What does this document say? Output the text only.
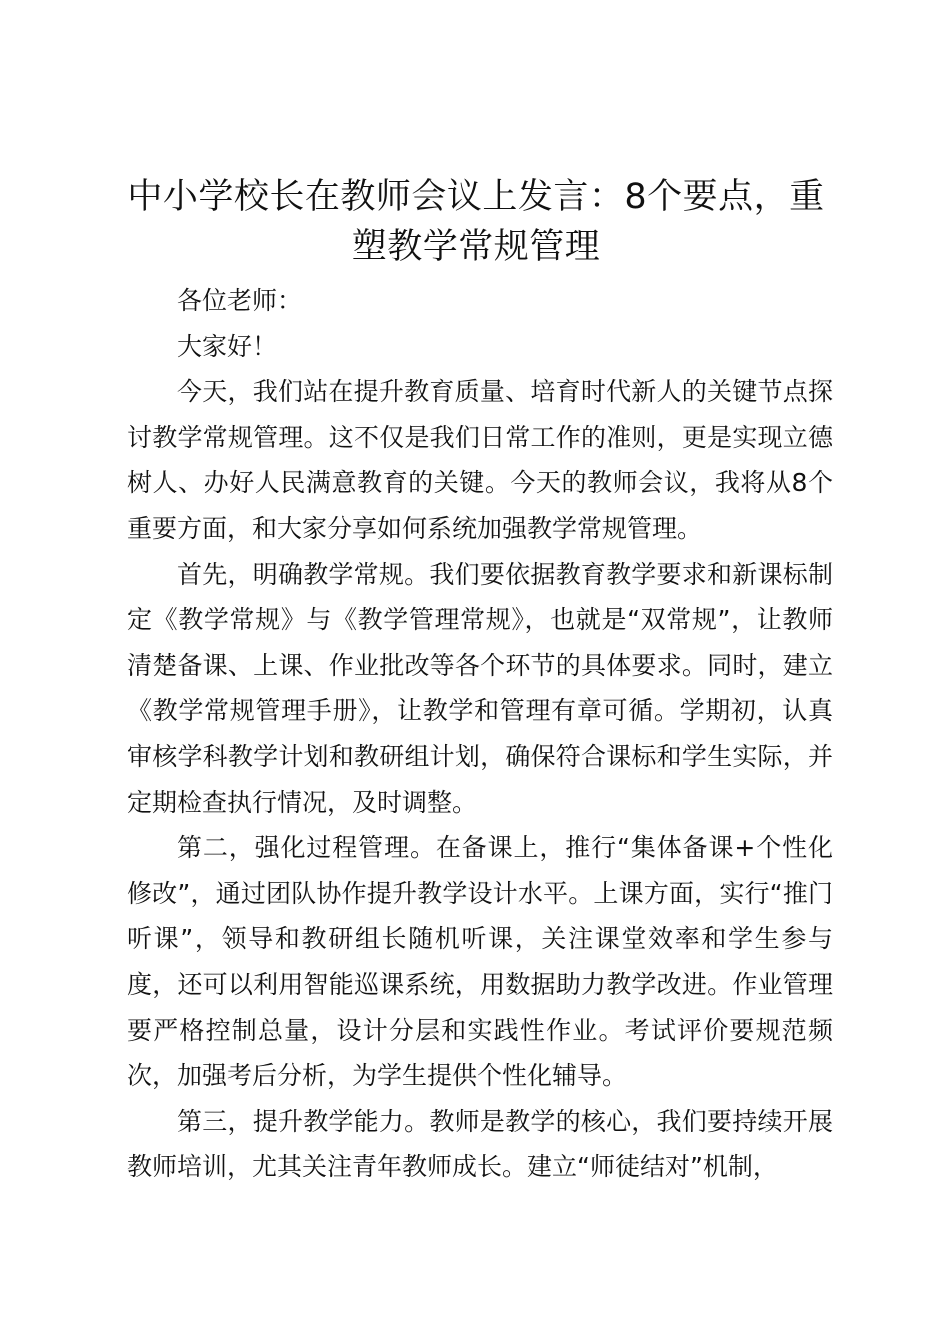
中小学校长在教师会议上发言：8个要点，重塑教学常规管理

各位老师：

大家好！

今天，我们站在提升教育质量、培育时代新人的关键节点探讨教学常规管理。这不仅是我们日常工作的准则，更是实现立德树人、办好人民满意教育的关键。今天的教师会议，我将从8个重要方面，和大家分享如何系统加强教学常规管理。

首先，明确教学常规。我们要依据教育教学要求和新课标制定《教学常规》与《教学管理常规》，也就是“双常规”，让教师清楚备课、上课、作业批改等各个环节的具体要求。同时，建立《教学常规管理手册》，让教学和管理有章可循。学期初，认真审核学科教学计划和教研组计划，确保符合课标和学生实际，并定期检查执行情况，及时调整。

第二，强化过程管理。在备课上，推行“集体备课+个性化修改”，通过团队协作提升教学设计水平。上课方面，实行“推门听课”，领导和教研组长随机听课，关注课堂效率和学生参与度，还可以利用智能巡课系统，用数据助力教学改进。作业管理要严格控制总量，设计分层和实践性作业。考试评价要规范频次，加强考后分析，为学生提供个性化辅导。

第三，提升教学能力。教师是教学的核心，我们要持续开展教师培训，尤其关注青年教师成长。建立“师徒结对”机制，
